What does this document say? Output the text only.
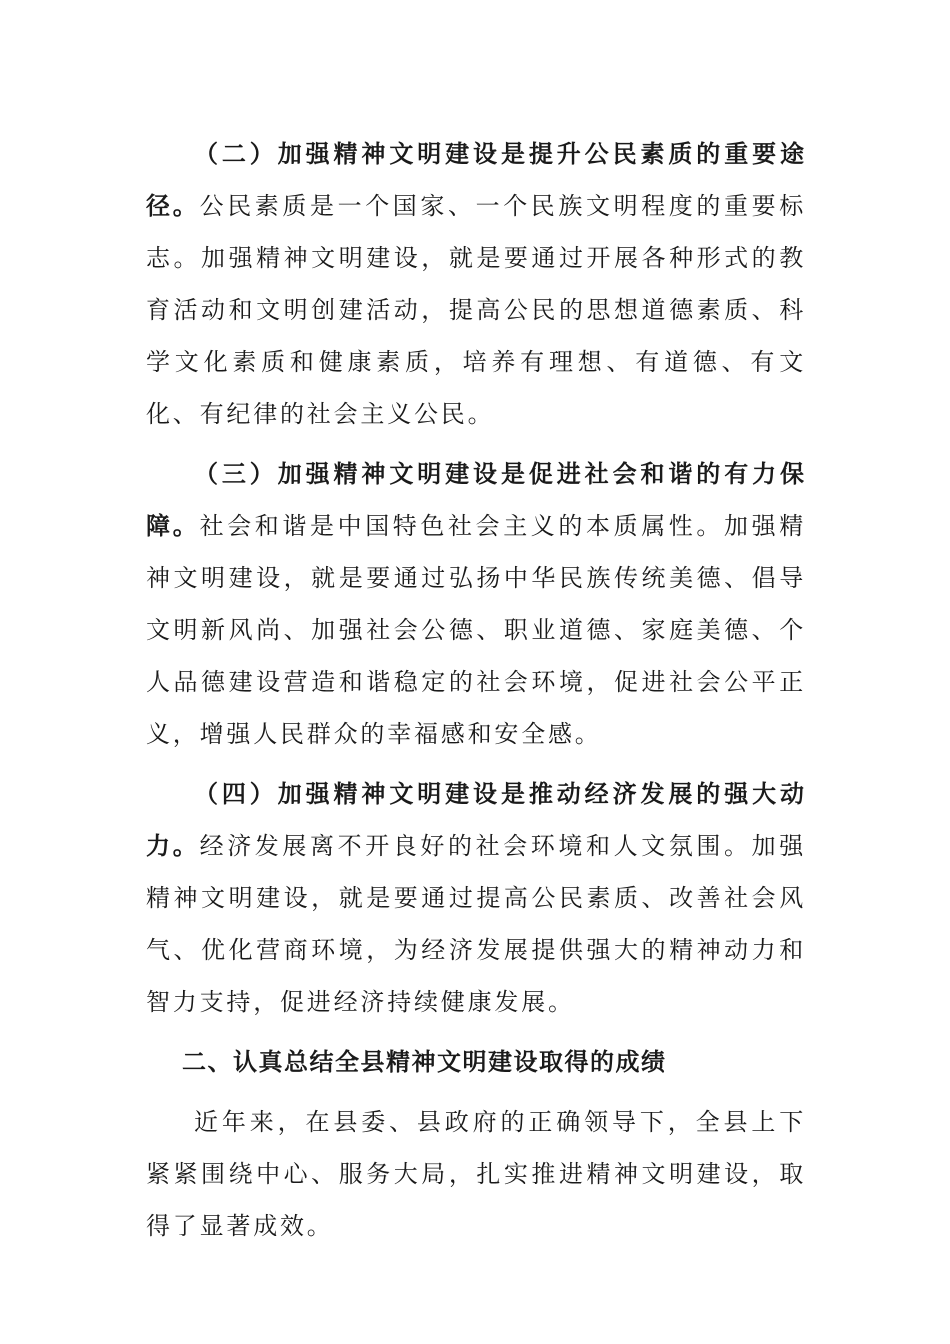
（二）加强精神文明建设是提升公民素质的重要途径。公民素质是一个国家、一个民族文明程度的重要标志。加强精神文明建设，就是要通过开展各种形式的教育活动和文明创建活动，提高公民的思想道德素质、科学文化素质和健康素质，培养有理想、有道德、有文化、有纪律的社会主义公民。

（三）加强精神文明建设是促进社会和谐的有力保障。社会和谐是中国特色社会主义的本质属性。加强精神文明建设，就是要通过弘扬中华民族传统美德、倡导文明新风尚、加强社会公德、职业道德、家庭美德、个人品德建设营造和谐稳定的社会环境，促进社会公平正义，增强人民群众的幸福感和安全感。

（四）加强精神文明建设是推动经济发展的强大动力。经济发展离不开良好的社会环境和人文氛围。加强精神文明建设，就是要通过提高公民素质、改善社会风气、优化营商环境，为经济发展提供强大的精神动力和智力支持，促进经济持续健康发展。

二、认真总结全县精神文明建设取得的成绩

近年来，在县委、县政府的正确领导下，全县上下紧紧围绕中心、服务大局，扎实推进精神文明建设，取得了显著成效。
